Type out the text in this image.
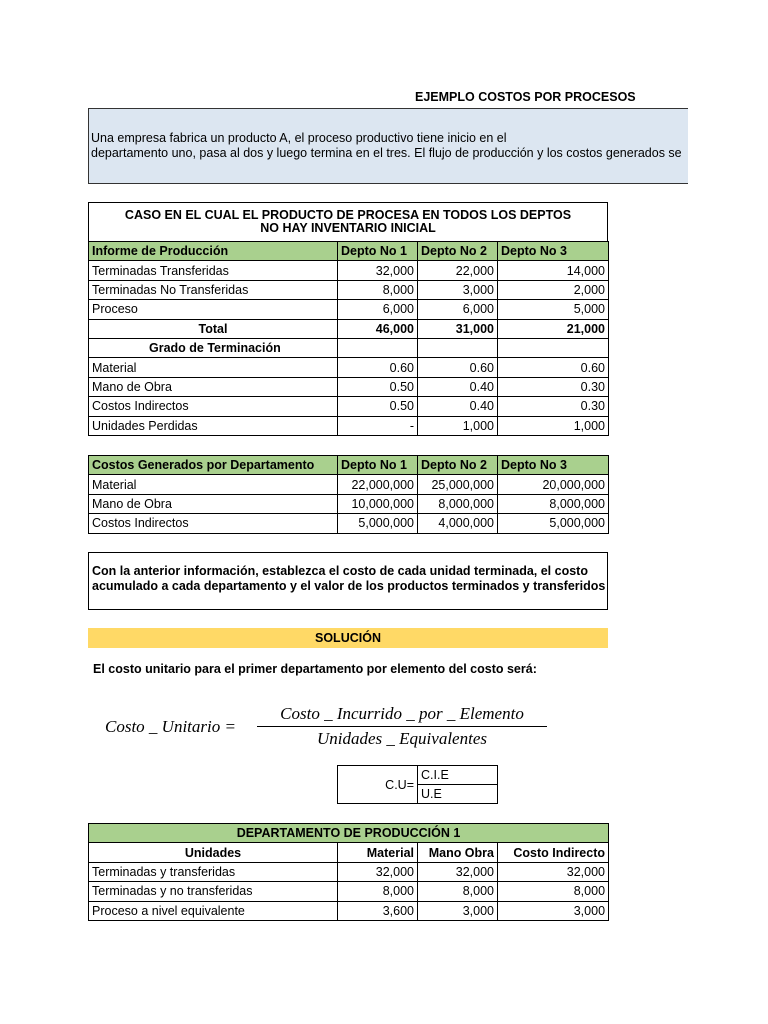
EJEMPLO COSTOS POR PROCESOS
Una empresa fabrica un producto A, el proceso productivo tiene inicio en el
departamento uno, pasa al dos y luego termina en el tres. El flujo de producción y los costos generados se
CASO EN EL CUAL EL PRODUCTO DE PROCESA EN TODOS LOS DEPTOS
NO HAY INVENTARIO INICIAL
Informe de Producción	Depto No 1	Depto No 2	Depto No 3
Terminadas Transferidas	32,000	22,000	14,000
Terminadas No Transferidas	8,000	3,000	2,000
Proceso	6,000	6,000	5,000
Total	46,000	31,000	21,000
Grado de Terminación			
Material	0.60	0.60	0.60
Mano de Obra	0.50	0.40	0.30
Costos Indirectos	0.50	0.40	0.30
Unidades Perdidas	-	1,000	1,000
Costos Generados por Departamento	Depto No 1	Depto No 2	Depto No 3
Material	22,000,000	25,000,000	20,000,000
Mano de Obra	10,000,000	8,000,000	8,000,000
Costos Indirectos	5,000,000	4,000,000	5,000,000
Con la anterior información, establezca el costo de cada unidad terminada, el costo
acumulado a cada departamento y el valor de los productos terminados y transferidos
SOLUCIÓN
El costo unitario para el primer departamento por elemento del costo será:
Costo _ Unitario =
Costo _ Incurrido _ por _ Elemento
Unidades _ Equivalentes
C.U=	C.I.E
U.E
DEPARTAMENTO DE PRODUCCIÓN 1			
Unidades	Material	Mano Obra	Costo Indirecto
Terminadas y transferidas	32,000	32,000	32,000
Terminadas y no transferidas	8,000	8,000	8,000
Proceso a nivel equivalente	3,600	3,000	3,000
